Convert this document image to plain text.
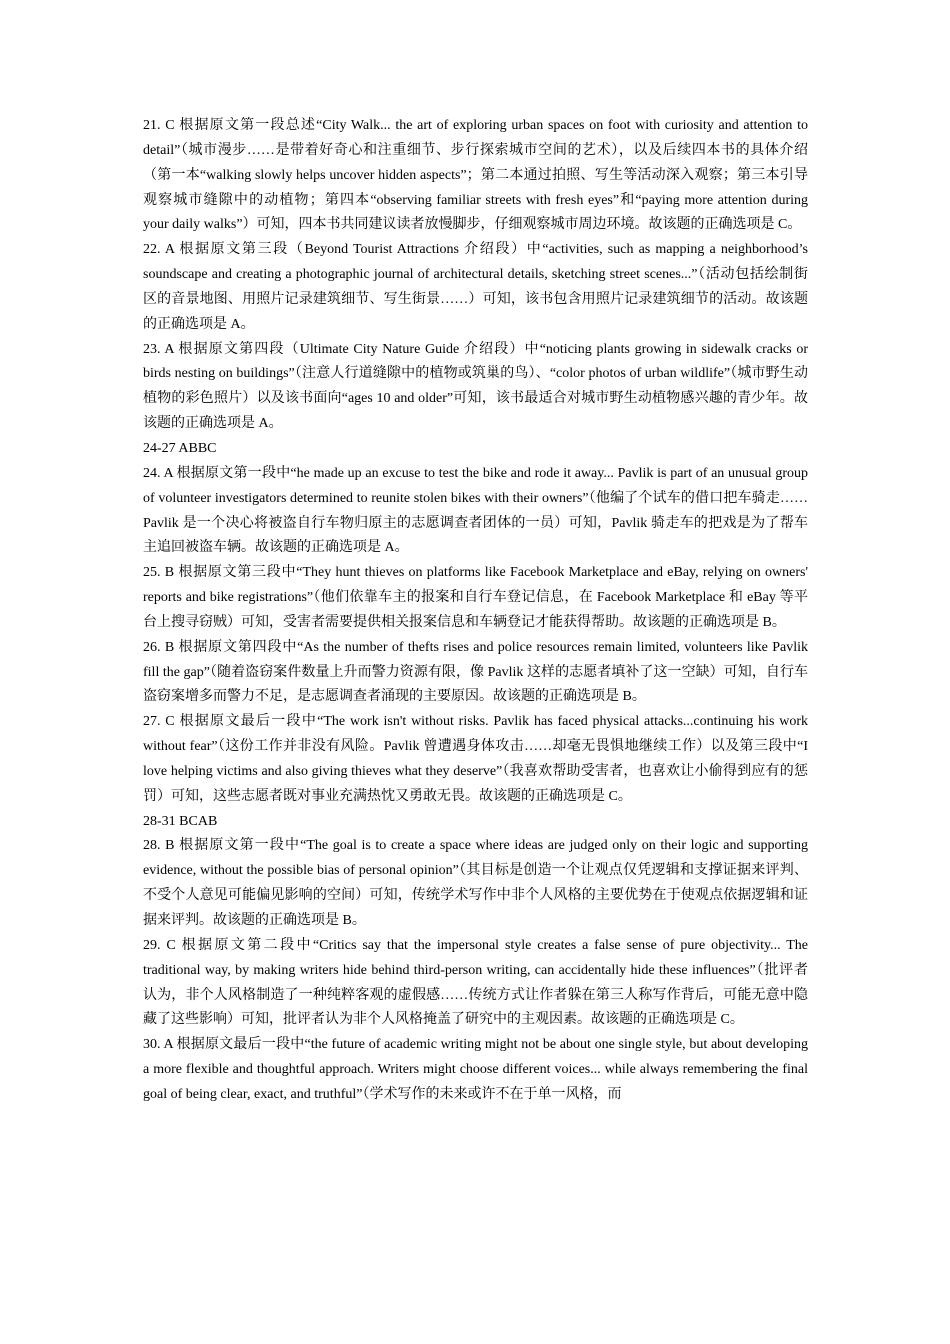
21. C 根据原文第一段总述“City Walk... the art of exploring urban spaces on foot with curiosity and attention to detail”（城市漫步……是带着好奇心和注重细节、步行探索城市空间的艺术），以及后续四本书的具体介绍（第一本“walking slowly helps uncover hidden aspects”；第二本通过拍照、写生等活动深入观察；第三本引导观察城市缝隙中的动植物；第四本“observing familiar streets with fresh eyes”和“paying more attention during your daily walks”）可知，四本书共同建议读者放慢脚步，仔细观察城市周边环境。故该题的正确选项是 C。

22. A 根据原文第三段（Beyond Tourist Attractions 介绍段）中“activities, such as mapping a neighborhood’s soundscape and creating a photographic journal of architectural details, sketching street scenes...”（活动包括绘制街区的音景地图、用照片记录建筑细节、写生街景……）可知，该书包含用照片记录建筑细节的活动。故该题的正确选项是 A。

23. A 根据原文第四段（Ultimate City Nature Guide 介绍段）中“noticing plants growing in sidewalk cracks or birds nesting on buildings”（注意人行道缝隙中的植物或筑巢的鸟）、“color photos of urban wildlife”（城市野生动植物的彩色照片）以及该书面向“ages 10 and older”可知，该书最适合对城市野生动植物感兴趣的青少年。故该题的正确选项是 A。

24-27 ABBC

24. A 根据原文第一段中“he made up an excuse to test the bike and rode it away... Pavlik is part of an unusual group of volunteer investigators determined to reunite stolen bikes with their owners”（他编了个试车的借口把车骑走……Pavlik 是一个决心将被盗自行车物归原主的志愿调查者团体的一员）可知，Pavlik 骑走车的把戏是为了帮车主追回被盗车辆。故该题的正确选项是 A。

25. B 根据原文第三段中“They hunt thieves on platforms like Facebook Marketplace and eBay, relying on owners' reports and bike registrations”（他们依靠车主的报案和自行车登记信息，在 Facebook Marketplace 和 eBay 等平台上搜寻窃贼）可知，受害者需要提供相关报案信息和车辆登记才能获得帮助。故该题的正确选项是 B。

26. B 根据原文第四段中“As the number of thefts rises and police resources remain limited, volunteers like Pavlik fill the gap”（随着盗窃案件数量上升而警力资源有限，像 Pavlik 这样的志愿者填补了这一空缺）可知，自行车盗窃案增多而警力不足，是志愿调查者涌现的主要原因。故该题的正确选项是 B。

27. C 根据原文最后一段中“The work isn't without risks. Pavlik has faced physical attacks...continuing his work without fear”（这份工作并非没有风险。Pavlik 曾遭遇身体攻击……却毫无畏惧地继续工作）以及第三段中“I love helping victims and also giving thieves what they deserve”（我喜欢帮助受害者，也喜欢让小偷得到应有的惩罚）可知，这些志愿者既对事业充满热忱又勇敢无畏。故该题的正确选项是 C。

28-31 BCAB

28. B 根据原文第一段中“The goal is to create a space where ideas are judged only on their logic and supporting evidence, without the possible bias of personal opinion”（其目标是创造一个让观点仅凭逻辑和支撑证据来评判、不受个人意见可能偏见影响的空间）可知，传统学术写作中非个人风格的主要优势在于使观点依据逻辑和证据来评判。故该题的正确选项是 B。

29. C 根据原文第二段中“Critics say that the impersonal style creates a false sense of pure objectivity... The traditional way, by making writers hide behind third-person writing, can accidentally hide these influences”（批评者认为，非个人风格制造了一种纯粹客观的虚假感……传统方式让作者躲在第三人称写作背后，可能无意中隐藏了这些影响）可知，批评者认为非个人风格掩盖了研究中的主观因素。故该题的正确选项是 C。

30. A 根据原文最后一段中“the future of academic writing might not be about one single style, but about developing a more flexible and thoughtful approach. Writers might choose different voices... while always remembering the final goal of being clear, exact, and truthful”（学术写作的未来或许不在于单一风格，而
